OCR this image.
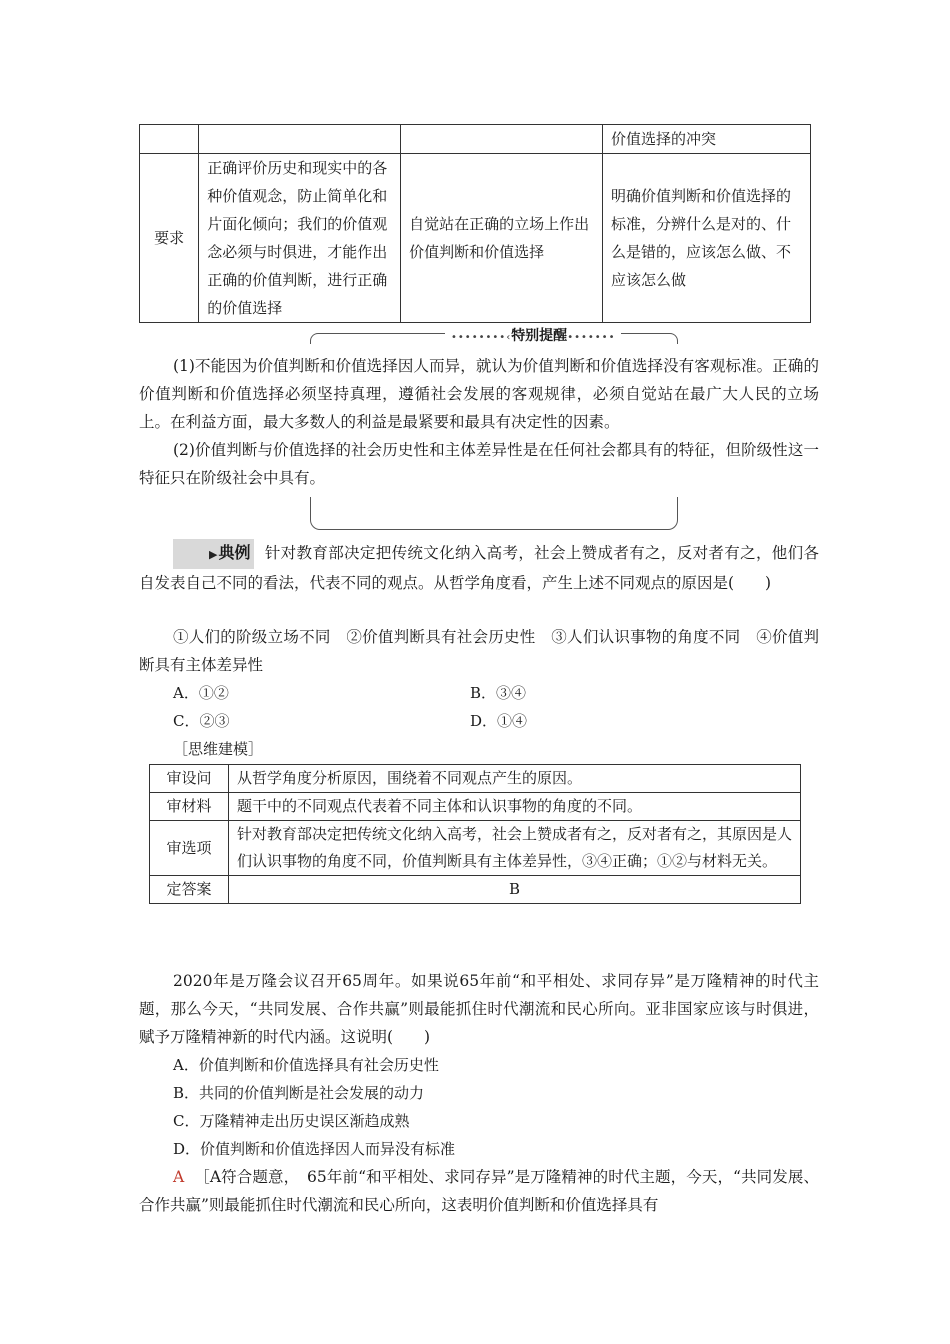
			价值选择的冲突
要求	正确评价历史和现实中的各种价值观念，防止简单化和片面化倾向；我们的价值观念必须与时俱进，才能作出正确的价值判断，进行正确的价值选择	自觉站在正确的立场上作出价值判断和价值选择	明确价值判断和价值选择的标准，分辨什么是对的、什么是错的，应该怎么做、不应该怎么做
••••••••‹特别提醒•••••••
(1)不能因为价值判断和价值选择因人而异，就认为价值判断和价值选择没有客观标准。正确的价值判断和价值选择必须坚持真理，遵循社会发展的客观规律，必须自觉站在最广大人民的立场上。在利益方面，最大多数人的利益是最紧要和最具有决定性的因素。
(2)价值判断与价值选择的社会历史性和主体差异性是在任何社会都具有的特征，但阶级性这一特征只在阶级社会中具有。
▶典例 针对教育部决定把传统文化纳入高考，社会上赞成者有之，反对者有之，他们各自发表自己不同的看法，代表不同的观点。从哲学角度看，产生上述不同观点的原因是(　　)
①人们的阶级立场不同　②价值判断具有社会历史性　③人们认识事物的角度不同　④价值判断具有主体差异性
A．①②	B．③④
C．②③	D．①④
［思维建模］
审设问	从哲学角度分析原因，围绕着不同观点产生的原因。
审材料	题干中的不同观点代表着不同主体和认识事物的角度的不同。
审选项	针对教育部决定把传统文化纳入高考，社会上赞成者有之，反对者有之，其原因是人们认识事物的角度不同，价值判断具有主体差异性，③④正确；①②与材料无关。
定答案	B
2020年是万隆会议召开65周年。如果说65年前“和平相处、求同存异”是万隆精神的时代主题，那么今天，“共同发展、合作共赢”则最能抓住时代潮流和民心所向。亚非国家应该与时俱进，赋予万隆精神新的时代内涵。这说明(　　)
A．价值判断和价值选择具有社会历史性
B．共同的价值判断是社会发展的动力
C．万隆精神走出历史误区渐趋成熟
D．价值判断和价值选择因人而异没有标准
A ［A符合题意，　65年前“和平相处、求同存异”是万隆精神的时代主题，今天，“共同发展、合作共赢”则最能抓住时代潮流和民心所向，这表明价值判断和价值选择具有
